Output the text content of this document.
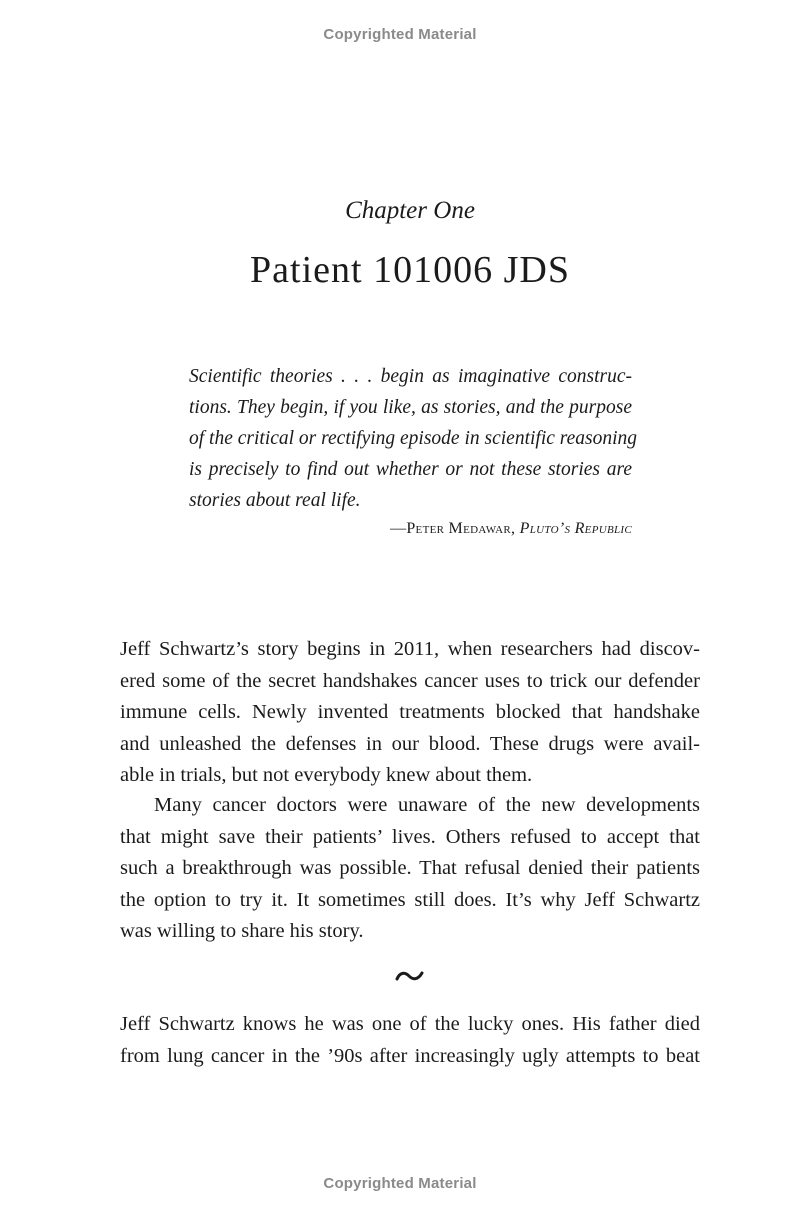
Copyrighted Material
Chapter One
Patient 101006 JDS
Scientific theories . . . begin as imaginative construc-
tions. They begin, if you like, as stories, and the purpose
of the critical or rectifying episode in scientific reasoning
is precisely to find out whether or not these stories are
stories about real life.
—Peter Medawar, Pluto’s Republic
Jeff Schwartz’s story begins in 2011, when researchers had discov-
ered some of the secret handshakes cancer uses to trick our defender
immune cells. Newly invented treatments blocked that handshake
and unleashed the defenses in our blood. These drugs were avail-
able in trials, but not everybody knew about them.
Many cancer doctors were unaware of the new developments
that might save their patients’ lives. Others refused to accept that
such a breakthrough was possible. That refusal denied their patients
the option to try it. It sometimes still does. It’s why Jeff Schwartz
was willing to share his story.
Jeff Schwartz knows he was one of the lucky ones. His father died
from lung cancer in the ’90s after increasingly ugly attempts to beat
Copyrighted Material
